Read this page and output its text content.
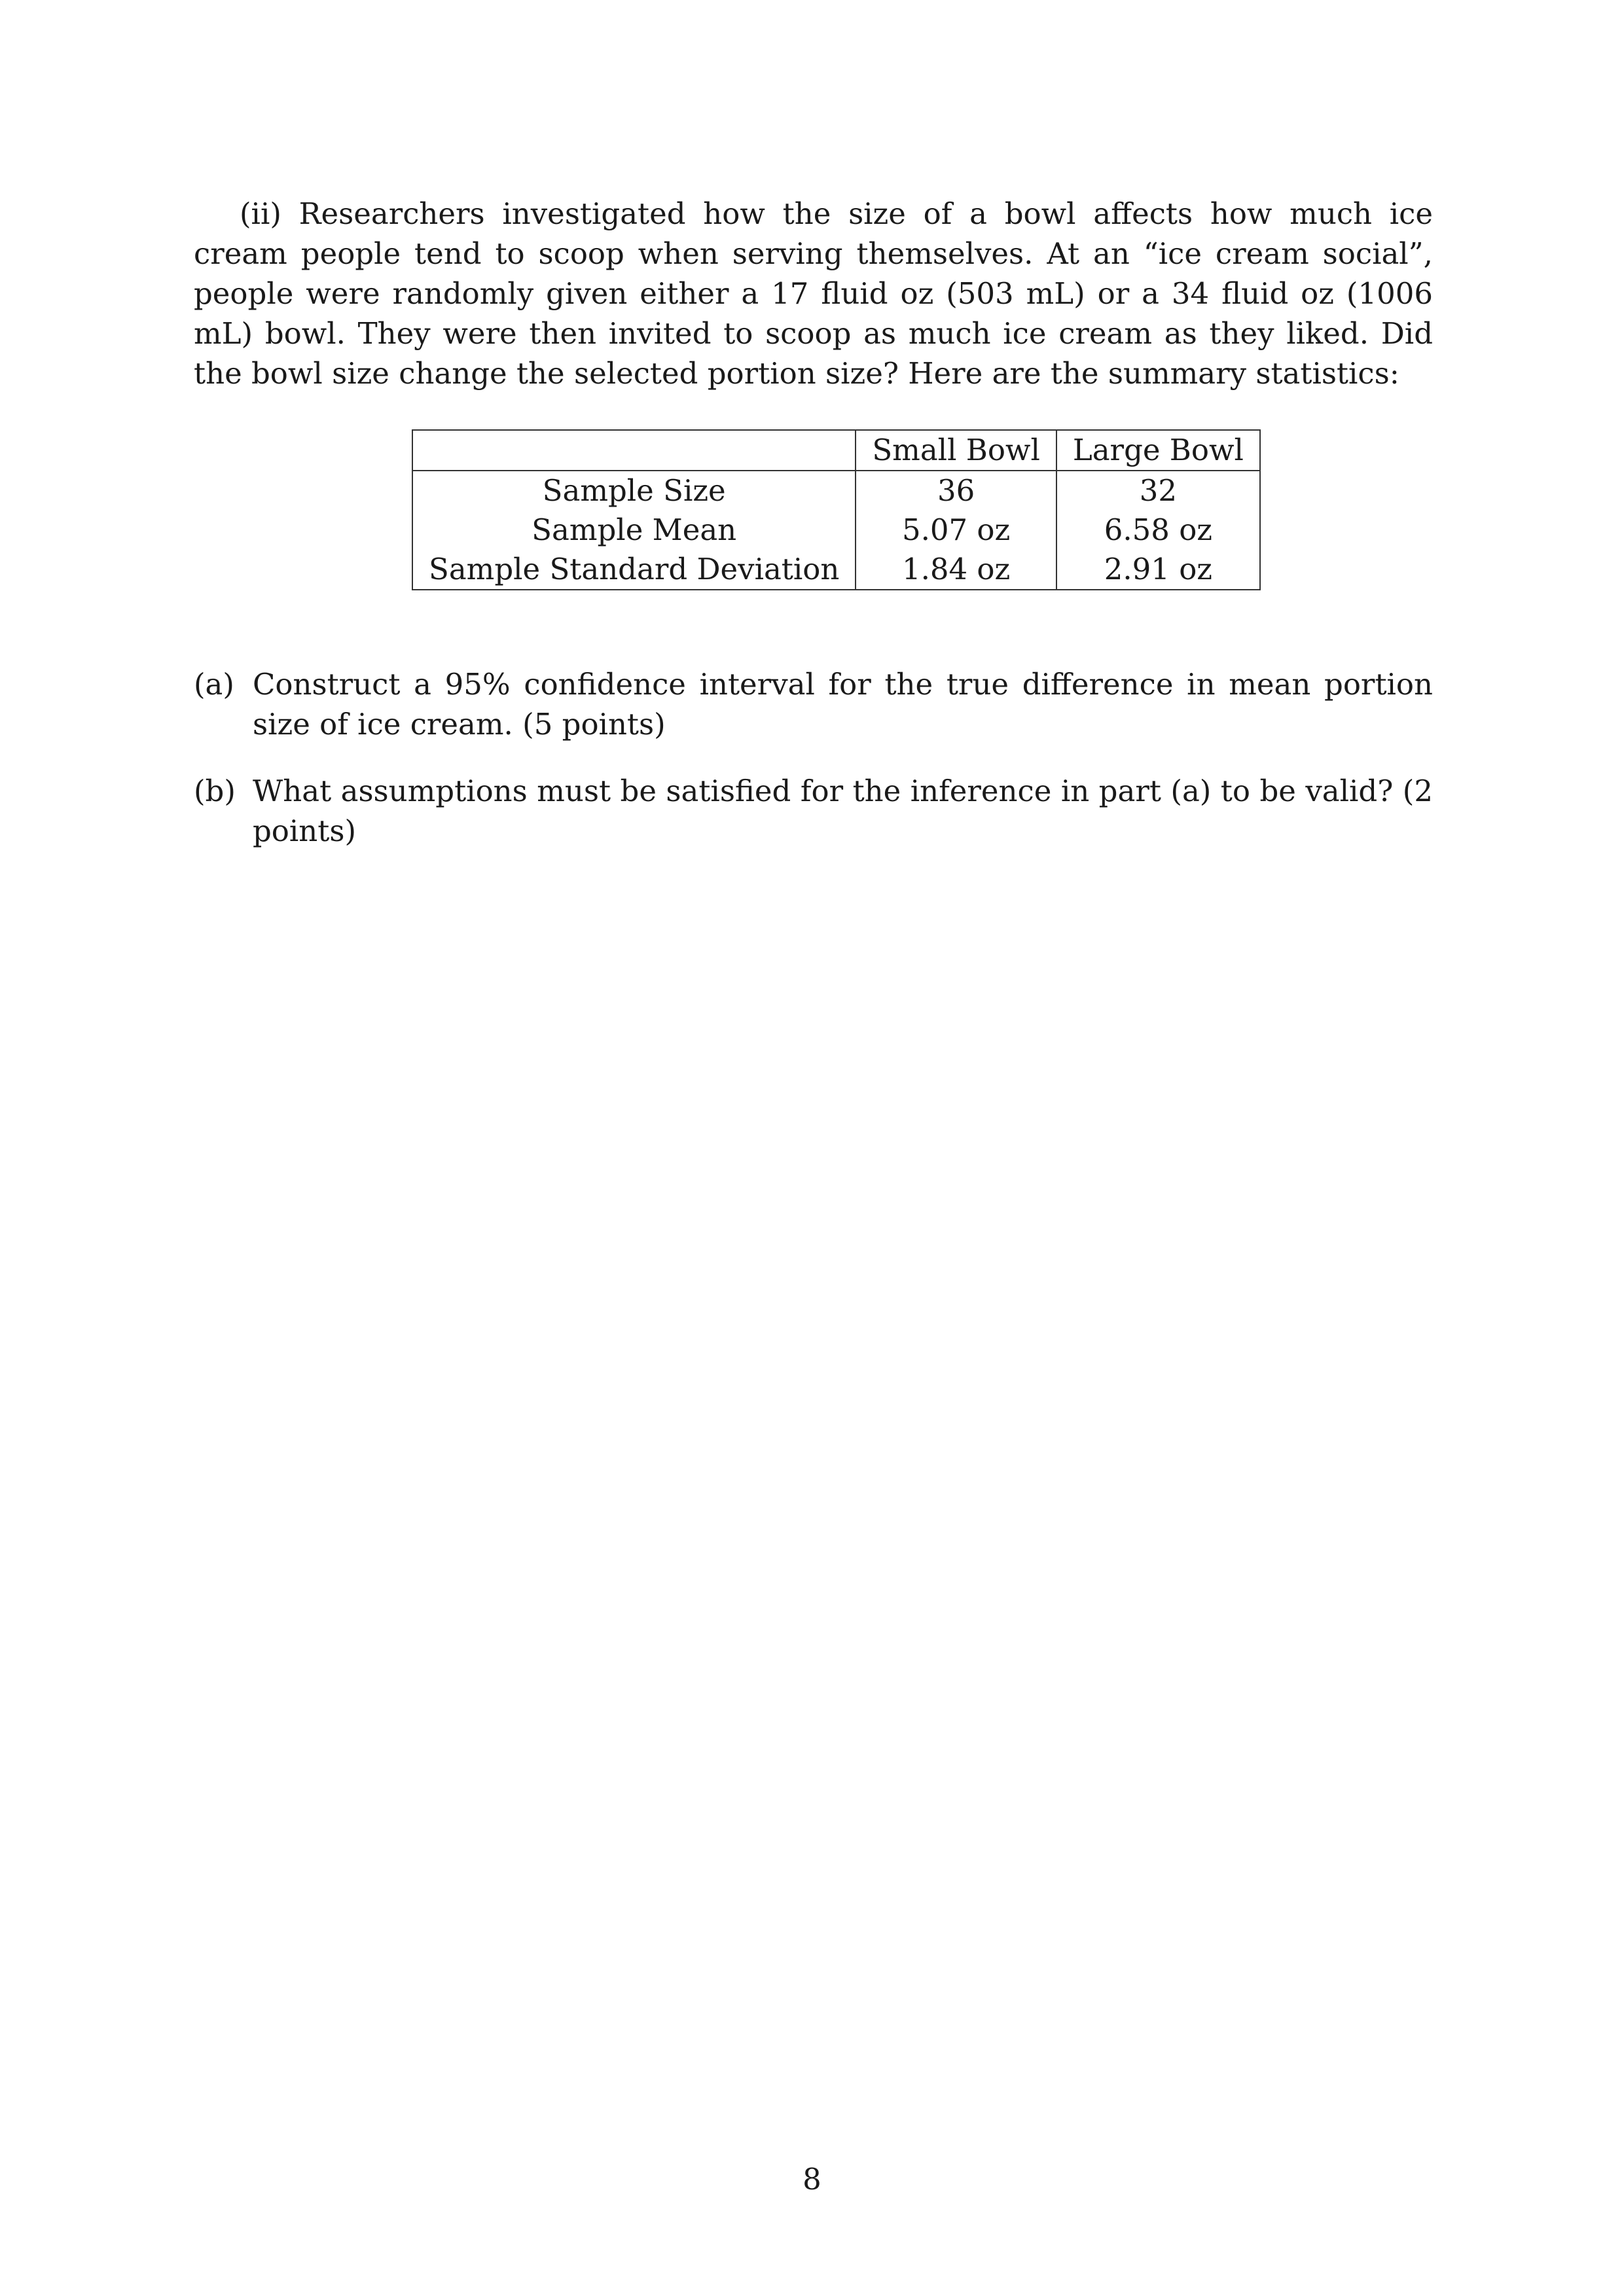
(ii) Researchers investigated how the size of a bowl affects how much ice cream people tend to scoop when serving themselves. At an “ice cream social”, people were randomly given either a 17 fluid oz (503 mL) or a 34 fluid oz (1006 mL) bowl. They were then invited to scoop as much ice cream as they liked. Did the bowl size change the selected portion size? Here are the summary statistics:

	Small Bowl	Large Bowl
Sample Size	36	32
Sample Mean	5.07 oz	6.58 oz
Sample Standard Deviation	1.84 oz	2.91 oz
(a) Construct a 95% confidence interval for the true difference in mean portion size of ice cream. (5 points)
(b) What assumptions must be satisfied for the inference in part (a) to be valid? (2 points)
8
